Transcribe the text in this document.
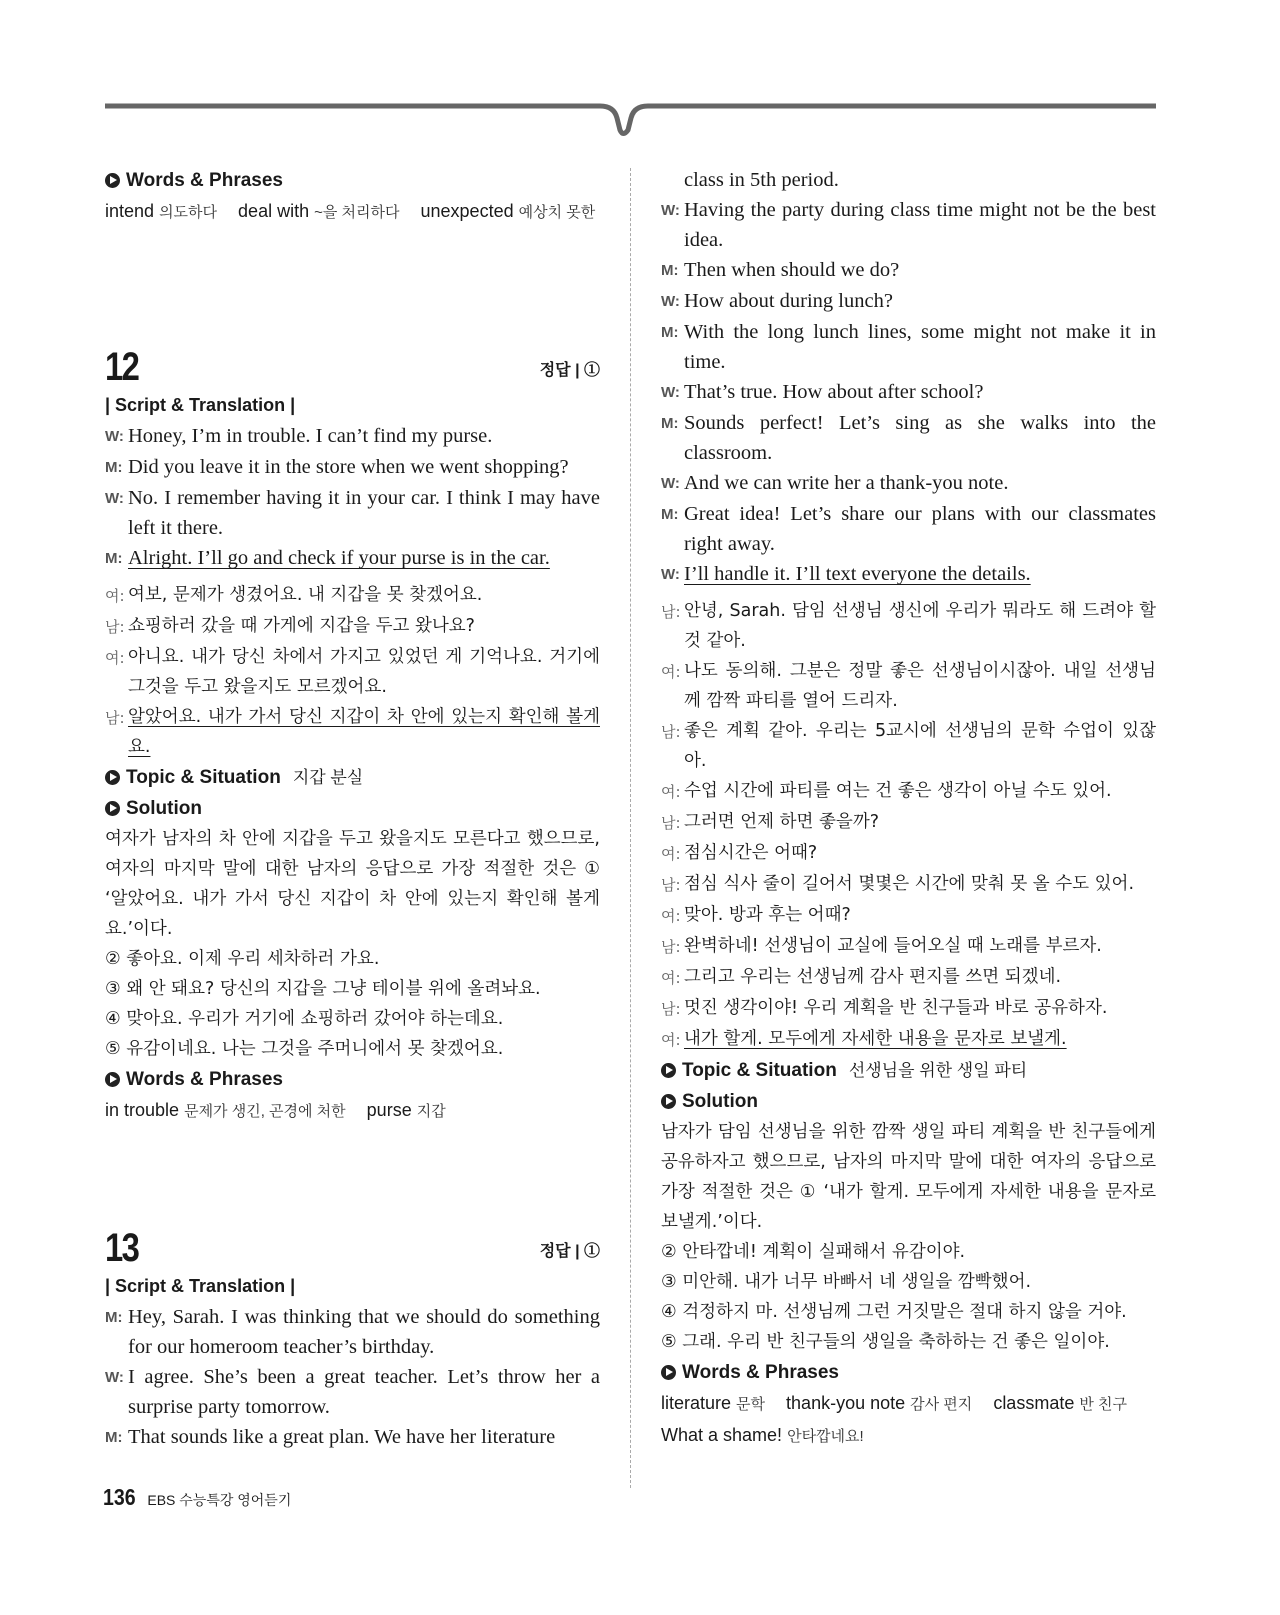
Words & Phrases
intend 의도하다 deal with ~을 처리하다 unexpected 예상치 못한
12	정답 | ①
| Script & Translation |
W: Honey, I’m in trouble. I can’t find my purse.
M: Did you leave it in the store when we went shopping?
W: No. I remember having it in your car. I think I may have left it there.
M: Alright. I’ll go and check if your purse is in the car.
여: 여보, 문제가 생겼어요. 내 지갑을 못 찾겠어요.
남: 쇼핑하러 갔을 때 가게에 지갑을 두고 왔나요?
여: 아니요. 내가 당신 차에서 가지고 있었던 게 기억나요. 거기에 그것을 두고 왔을지도 모르겠어요.
남: 알았어요. 내가 가서 당신 지갑이 차 안에 있는지 확인해 볼게요.
Topic & Situation 지갑 분실
Solution
여자가 남자의 차 안에 지갑을 두고 왔을지도 모른다고 했으므로, 여자의 마지막 말에 대한 남자의 응답으로 가장 적절한 것은 ① ‘알았어요. 내가 가서 당신 지갑이 차 안에 있는지 확인해 볼게요.’이다.
② 좋아요. 이제 우리 세차하러 가요.
③ 왜 안 돼요? 당신의 지갑을 그냥 테이블 위에 올려놔요.
④ 맞아요. 우리가 거기에 쇼핑하러 갔어야 하는데요.
⑤ 유감이네요. 나는 그것을 주머니에서 못 찾겠어요.
Words & Phrases
in trouble 문제가 생긴, 곤경에 처한 purse 지갑
13	정답 | ①
| Script & Translation |
M: Hey, Sarah. I was thinking that we should do something for our homeroom teacher’s birthday.
W: I agree. She’s been a great teacher. Let’s throw her a surprise party tomorrow.
M: That sounds like a great plan. We have her literature
class in 5th period.
W: Having the party during class time might not be the best idea.
M: Then when should we do?
W: How about during lunch?
M: With the long lunch lines, some might not make it in time.
W: That’s true. How about after school?
M: Sounds perfect! Let’s sing as she walks into the classroom.
W: And we can write her a thank-you note.
M: Great idea! Let’s share our plans with our classmates right away.
W: I’ll handle it. I’ll text everyone the details.
남: 안녕, Sarah. 담임 선생님 생신에 우리가 뭐라도 해 드려야 할 것 같아.
여: 나도 동의해. 그분은 정말 좋은 선생님이시잖아. 내일 선생님께 깜짝 파티를 열어 드리자.
남: 좋은 계획 같아. 우리는 5교시에 선생님의 문학 수업이 있잖아.
여: 수업 시간에 파티를 여는 건 좋은 생각이 아닐 수도 있어.
남: 그러면 언제 하면 좋을까?
여: 점심시간은 어때?
남: 점심 식사 줄이 길어서 몇몇은 시간에 맞춰 못 올 수도 있어.
여: 맞아. 방과 후는 어때?
남: 완벽하네! 선생님이 교실에 들어오실 때 노래를 부르자.
여: 그리고 우리는 선생님께 감사 편지를 쓰면 되겠네.
남: 멋진 생각이야! 우리 계획을 반 친구들과 바로 공유하자.
여: 내가 할게. 모두에게 자세한 내용을 문자로 보낼게.
Topic & Situation 선생님을 위한 생일 파티
Solution
남자가 담임 선생님을 위한 깜짝 생일 파티 계획을 반 친구들에게 공유하자고 했으므로, 남자의 마지막 말에 대한 여자의 응답으로 가장 적절한 것은 ① ‘내가 할게. 모두에게 자세한 내용을 문자로 보낼게.’이다.
② 안타깝네! 계획이 실패해서 유감이야.
③ 미안해. 내가 너무 바빠서 네 생일을 깜빡했어.
④ 걱정하지 마. 선생님께 그런 거짓말은 절대 하지 않을 거야.
⑤ 그래. 우리 반 친구들의 생일을 축하하는 건 좋은 일이야.
Words & Phrases
literature 문학 thank-you note 감사 편지 classmate 반 친구
What a shame! 안타깝네요!
136 EBS 수능특강 영어듣기
